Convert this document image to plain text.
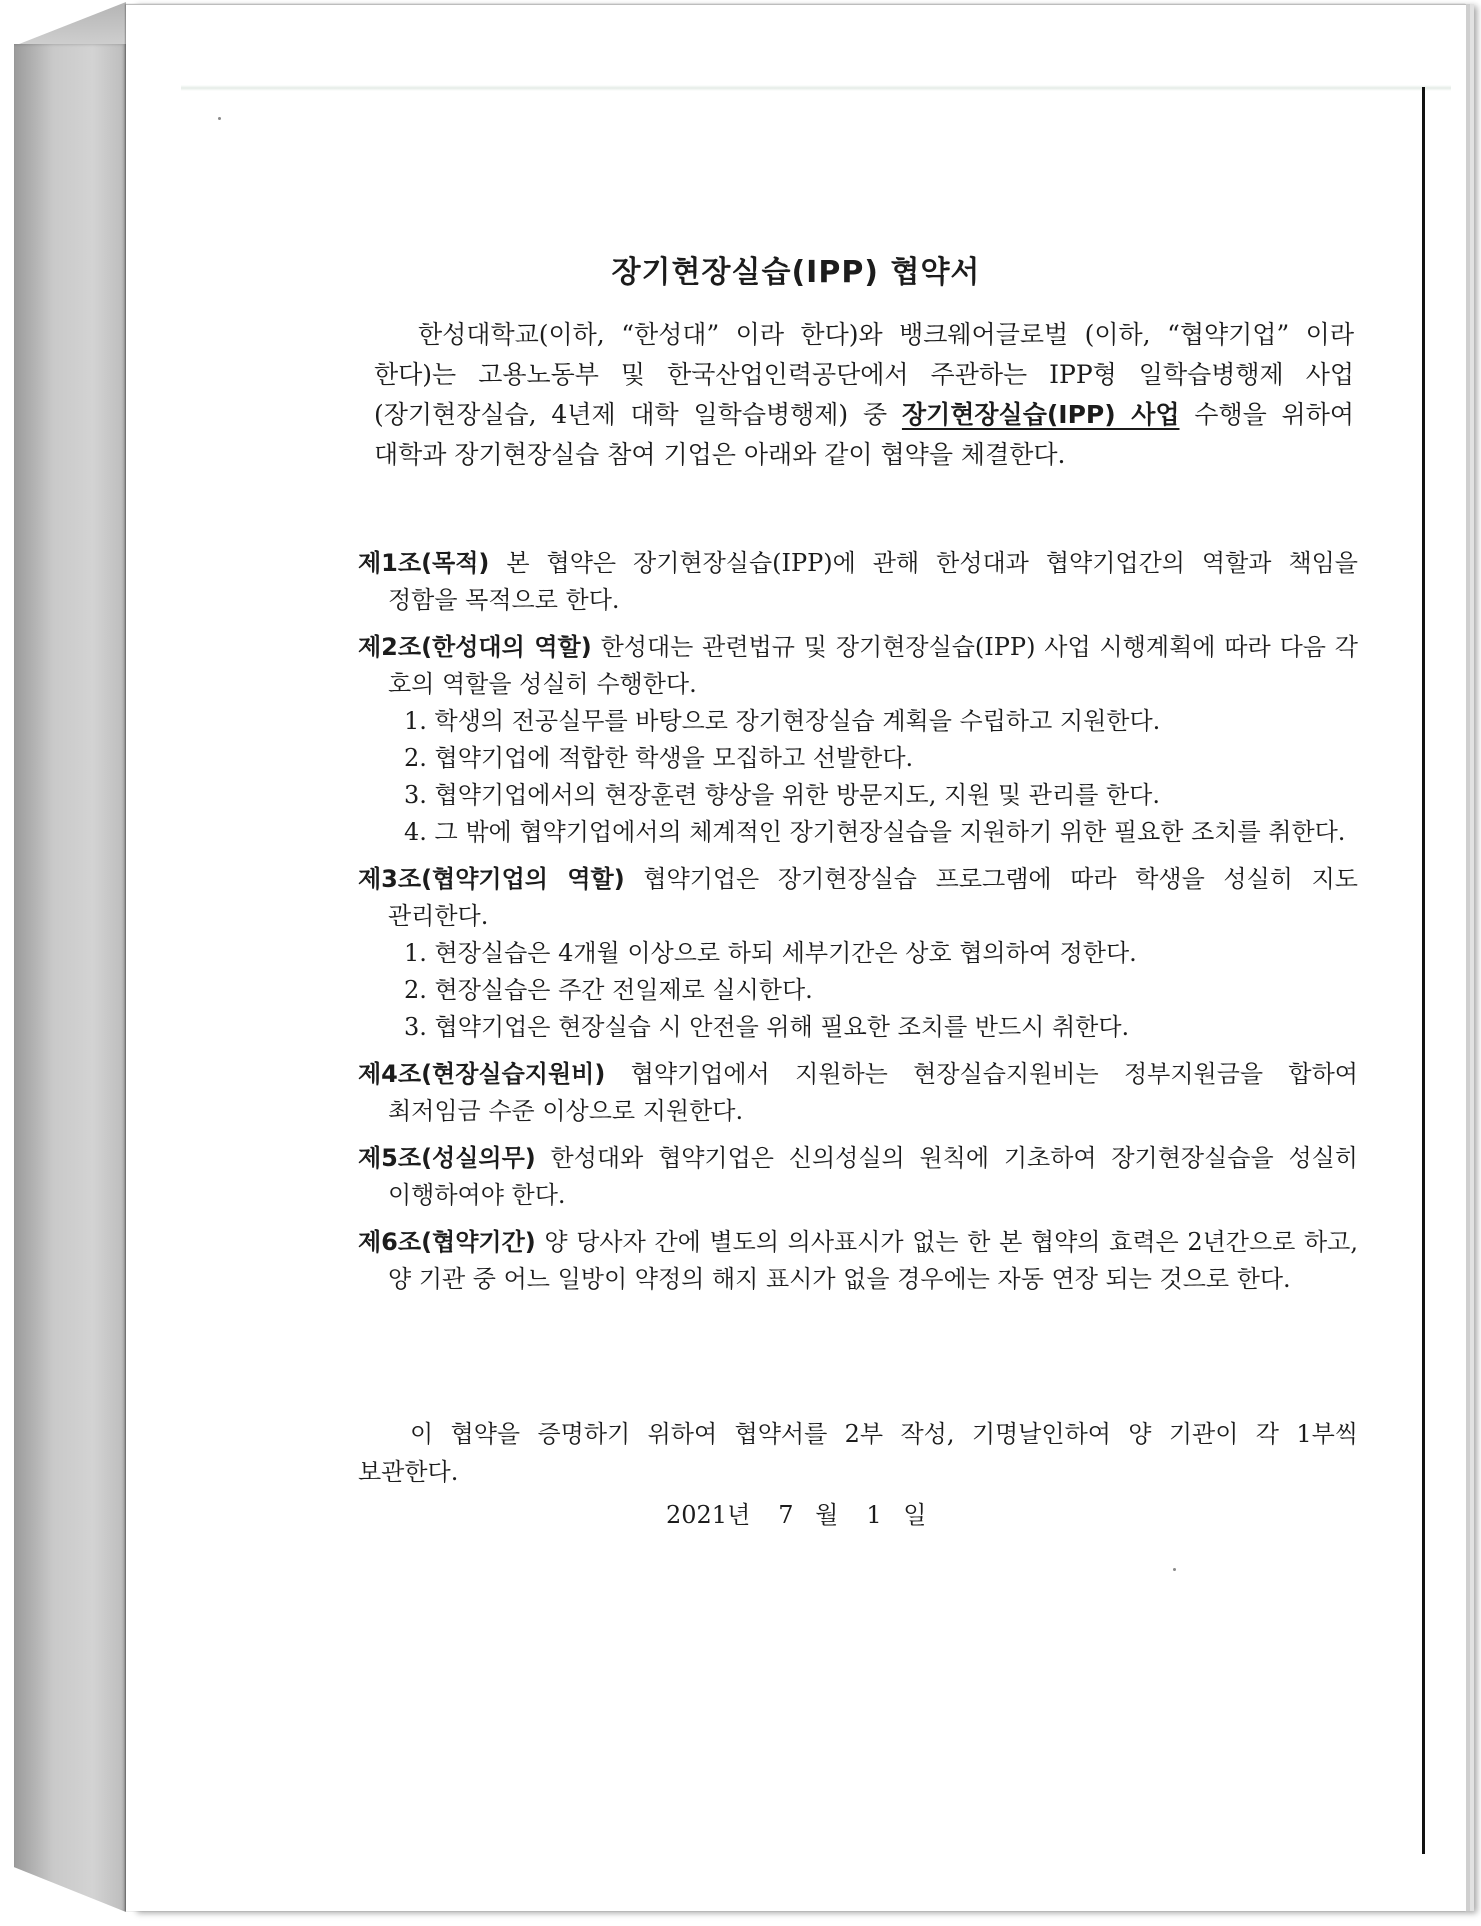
장기현장실습(IPP) 협약서
한성대학교(이하, “한성대” 이라 한다)와 뱅크웨어글로벌 (이하, “협약기업” 이라 한다)는 고용노동부 및 한국산업인력공단에서 주관하는 IPP형 일학습병행제 사업(장기현장실습, 4년제 대학 일학습병행제) 중 장기현장실습(IPP) 사업 수행을 위하여 대학과 장기현장실습 참여 기업은 아래와 같이 협약을 체결한다.
제1조(목적) 본 협약은 장기현장실습(IPP)에 관해 한성대과 협약기업간의 역할과 책임을 정함을 목적으로 한다.
제2조(한성대의 역할) 한성대는 관련법규 및 장기현장실습(IPP) 사업 시행계획에 따라 다음 각 호의 역할을 성실히 수행한다.
1. 학생의 전공실무를 바탕으로 장기현장실습 계획을 수립하고 지원한다.
2. 협약기업에 적합한 학생을 모집하고 선발한다.
3. 협약기업에서의 현장훈련 향상을 위한 방문지도, 지원 및 관리를 한다.
4. 그 밖에 협약기업에서의 체계적인 장기현장실습을 지원하기 위한 필요한 조치를 취한다.
제3조(협약기업의 역할) 협약기업은 장기현장실습 프로그램에 따라 학생을 성실히 지도 관리한다.
1. 현장실습은 4개월 이상으로 하되 세부기간은 상호 협의하여 정한다.
2. 현장실습은 주간 전일제로 실시한다.
3. 협약기업은 현장실습 시 안전을 위해 필요한 조치를 반드시 취한다.
제4조(현장실습지원비) 협약기업에서 지원하는 현장실습지원비는 정부지원금을 합하여 최저임금 수준 이상으로 지원한다.
제5조(성실의무) 한성대와 협약기업은 신의성실의 원칙에 기초하여 장기현장실습을 성실히 이행하여야 한다.
제6조(협약기간) 양 당사자 간에 별도의 의사표시가 없는 한 본 협약의 효력은 2년간으로 하고, 양 기관 중 어느 일방이 약정의 해지 표시가 없을 경우에는 자동 연장 되는 것으로 한다.
이 협약을 증명하기 위하여 협약서를 2부 작성, 기명날인하여 양 기관이 각 1부씩 보관한다.
2021년 7 월 1 일
